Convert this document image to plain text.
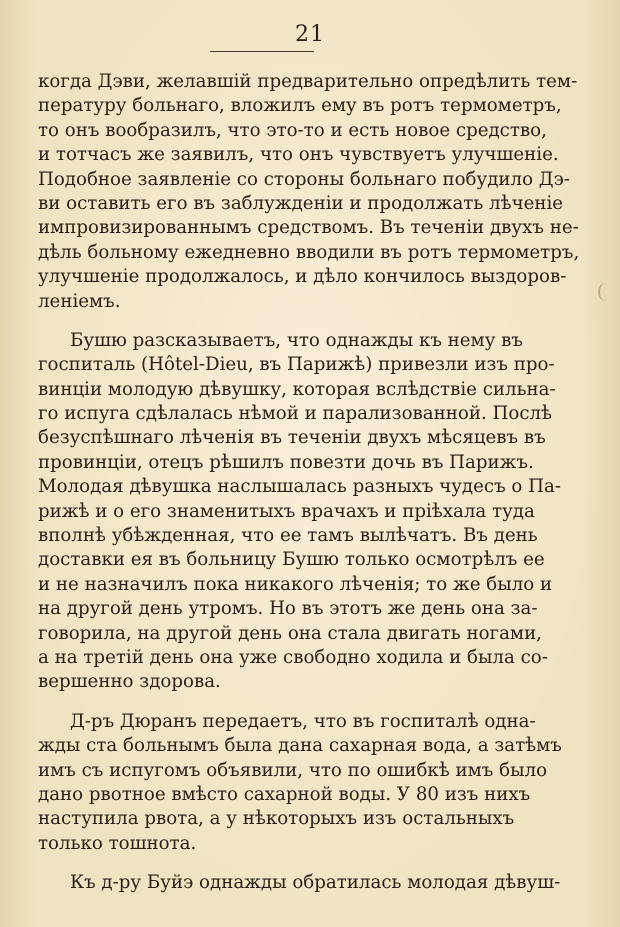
21

когда Дэви, желавшій предварительно опредѣлить тем-
пературу больнаго, вложилъ ему въ ротъ термометръ,
то онъ вообразилъ, что это-то и есть новое средство,
и тотчасъ же заявилъ, что онъ чувствуетъ улучшеніе.
Подобное заявленіе со стороны больнаго побудило Дэ-
ви оставить его въ заблужденіи и продолжать лѣченіе
импровизированнымъ средствомъ. Въ теченіи двухъ не-
дѣль больному ежедневно вводили въ ротъ термометръ,
улучшеніе продолжалось, и дѣло кончилось выздоров-
леніемъ.

Бушю разсказываетъ, что однажды къ нему въ
госпиталь (Hôtel-Dieu, въ Парижѣ) привезли изъ про-
винціи молодую дѣвушку, которая вслѣдствіе сильна-
го испуга сдѣлалась нѣмой и парализованной. Послѣ
безуспѣшнаго лѣченія въ теченіи двухъ мѣсяцевъ въ
провинціи, отецъ рѣшилъ повезти дочь въ Парижъ.
Молодая дѣвушка наслышалась разныхъ чудесъ о Па-
рижѣ и о его знаменитыхъ врачахъ и пріѣхала туда
вполнѣ убѣжденная, что ее тамъ вылѣчатъ. Въ день
доставки ея въ больницу Бушю только осмотрѣлъ ее
и не назначилъ пока никакого лѣченія; то же было и
на другой день утромъ. Но въ этотъ же день она за-
говорила, на другой день она стала двигать ногами,
а на третій день она уже свободно ходила и была со-
вершенно здорова.

Д-ръ Дюранъ передаетъ, что въ госпиталѣ одна-
жды ста больнымъ была дана сахарная вода, а затѣмъ
имъ съ испугомъ объявили, что по ошибкѣ имъ было
дано рвотное вмѣсто сахарной воды. У 80 изъ нихъ
наступила рвота, а у нѣкоторыхъ изъ остальныхъ
только тошнота.

Къ д-ру Буйэ однажды обратилась молодая дѣвуш-
